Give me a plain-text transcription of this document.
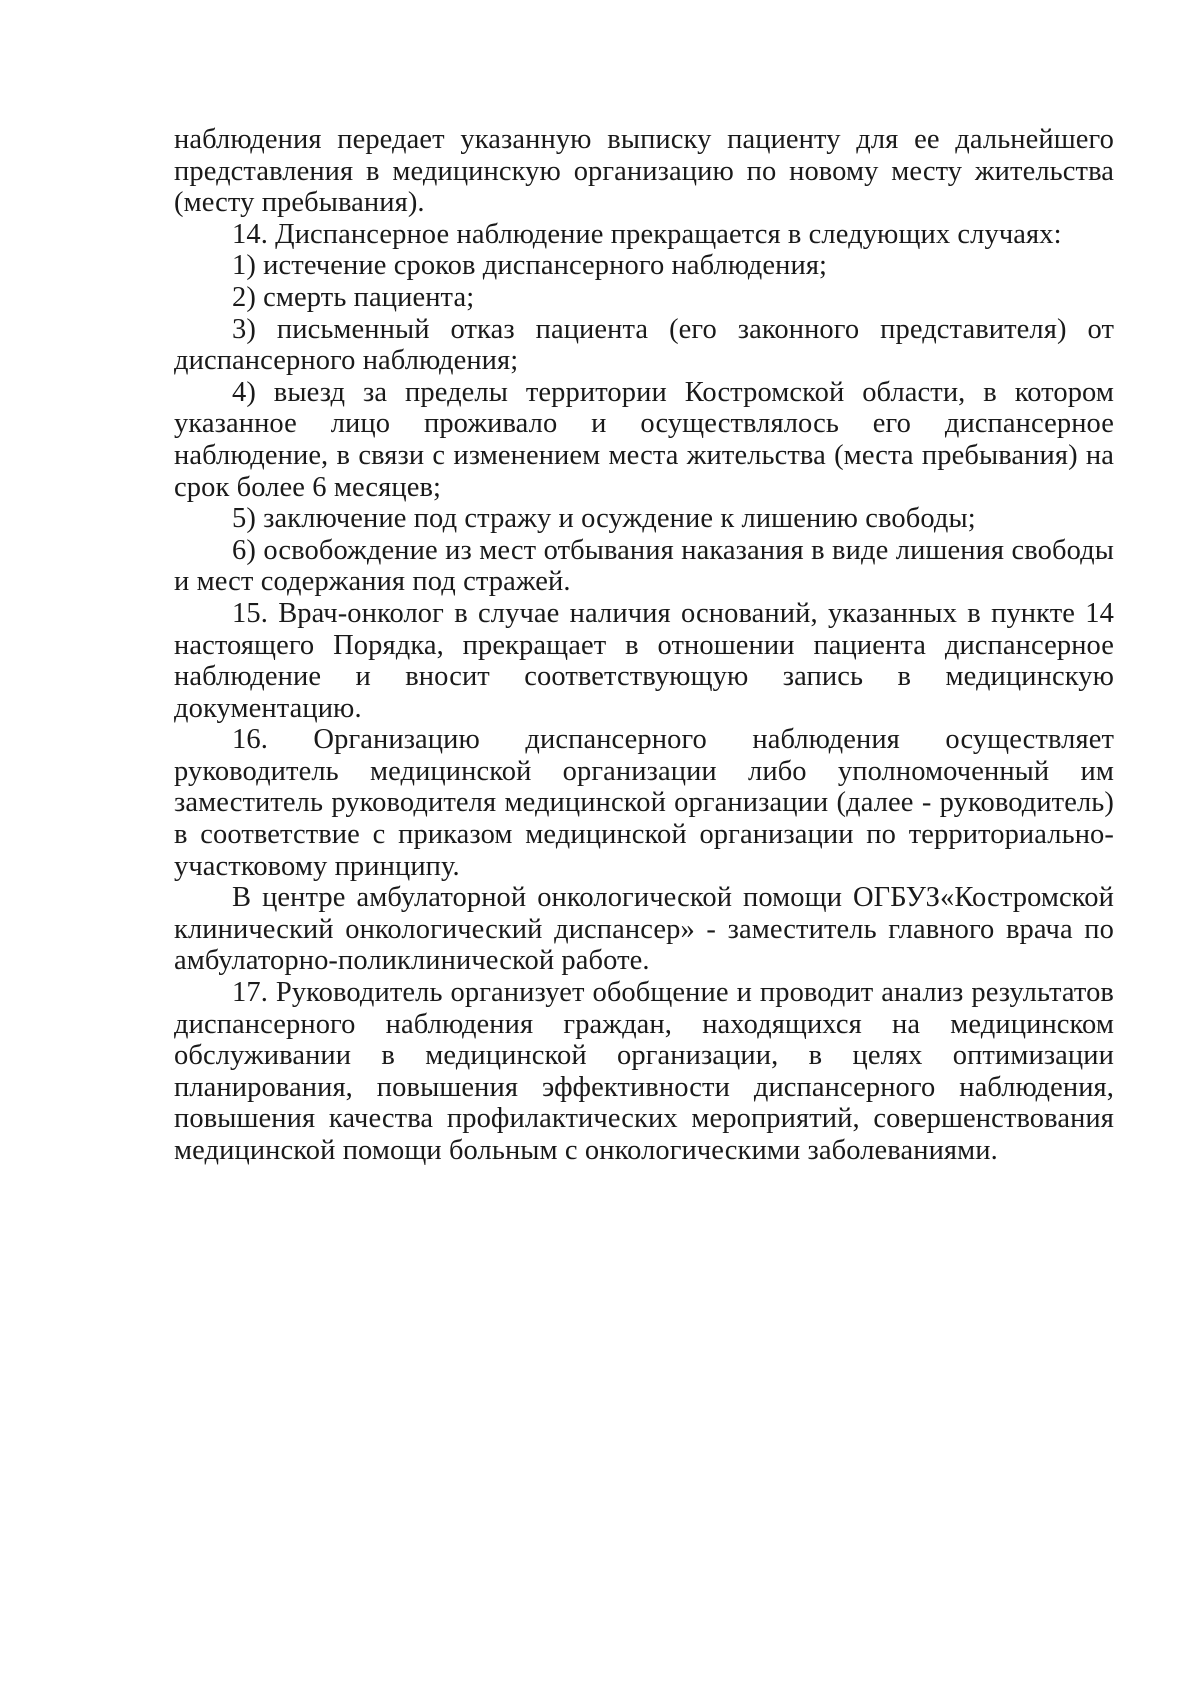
наблюдения передает указанную выписку пациенту для ее дальнейшего представления в медицинскую организацию по новому месту жительства (месту пребывания).

14. Диспансерное наблюдение прекращается в следующих случаях:

1) истечение сроков диспансерного наблюдения;

2) смерть пациента;

3) письменный отказ пациента (его законного представителя) от диспансерного наблюдения;

4) выезд за пределы территории Костромской области, в котором указанное лицо проживало и осуществлялось его диспансерное наблюдение, в связи с изменением места жительства (места пребывания) на срок более 6 месяцев;

5) заключение под стражу и осуждение к лишению свободы;

6) освобождение из мест отбывания наказания в виде лишения свободы и мест содержания под стражей.

15. Врач-онколог в случае наличия оснований, указанных в пункте 14 настоящего Порядка, прекращает в отношении пациента диспансерное наблюдение и вносит соответствующую запись в медицинскую документацию.

16. Организацию диспансерного наблюдения осуществляет руководитель медицинской организации либо уполномоченный им заместитель руководителя медицинской организации (далее - руководитель) в соответствие с приказом медицинской организации по территориально-участковому принципу.

В центре амбулаторной онкологической помощи ОГБУЗ«Костромской клинический онкологический диспансер» - заместитель главного врача по амбулаторно-поликлинической работе.

17. Руководитель организует обобщение и проводит анализ результатов диспансерного наблюдения граждан, находящихся на медицинском обслуживании в медицинской организации, в целях оптимизации планирования, повышения эффективности диспансерного наблюдения, повышения качества профилактических мероприятий, совершенствования медицинской помощи больным с онкологическими заболеваниями.
